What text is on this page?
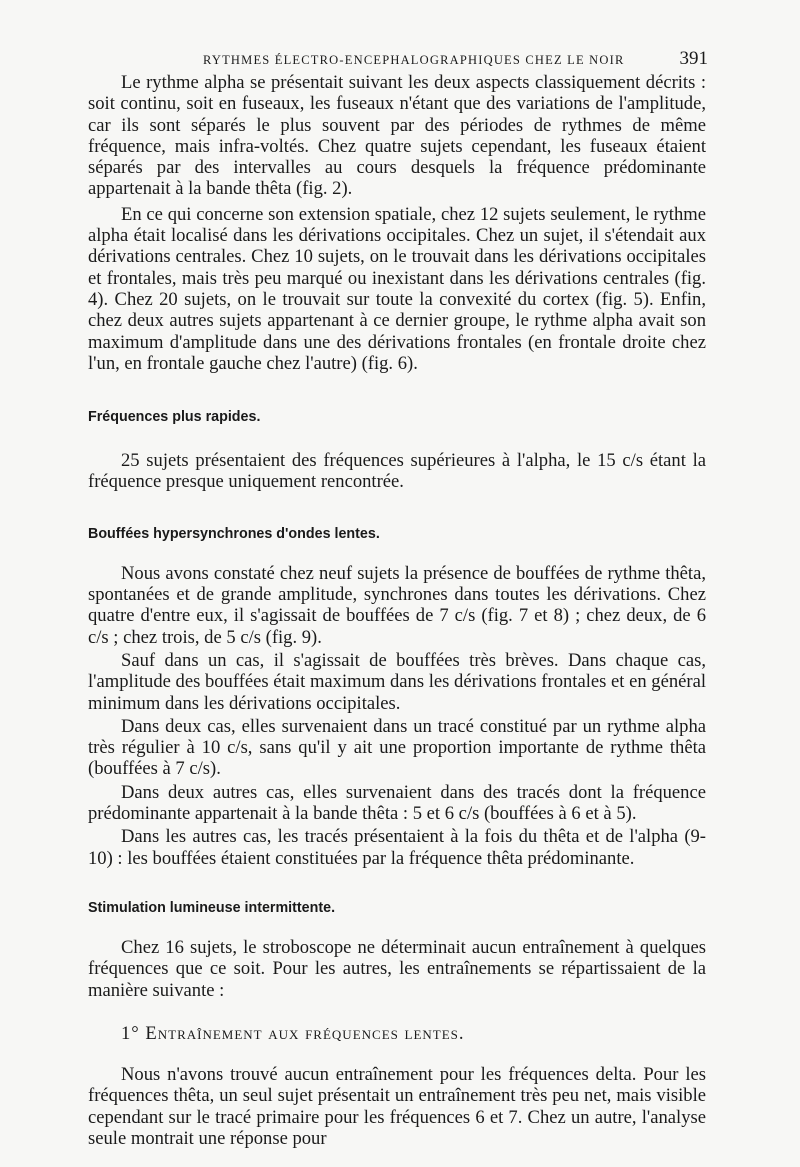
RYTHMES ÉLECTRO-ENCEPHALOGRAPHIQUES CHEZ LE NOIR	391

Le rythme alpha se présentait suivant les deux aspects classiquement décrits : soit continu, soit en fuseaux, les fuseaux n'étant que des variations de l'amplitude, car ils sont séparés le plus souvent par des périodes de rythmes de même fréquence, mais infra-voltés. Chez quatre sujets cependant, les fuseaux étaient séparés par des intervalles au cours desquels la fréquence prédominante appartenait à la bande thêta (fig. 2).

En ce qui concerne son extension spatiale, chez 12 sujets seulement, le rythme alpha était localisé dans les dérivations occipitales. Chez un sujet, il s'étendait aux dérivations centrales. Chez 10 sujets, on le trouvait dans les dérivations occipitales et frontales, mais très peu marqué ou inexistant dans les dérivations centrales (fig. 4). Chez 20 sujets, on le trouvait sur toute la convexité du cortex (fig. 5). Enfin, chez deux autres sujets appartenant à ce dernier groupe, le rythme alpha avait son maximum d'amplitude dans une des dérivations frontales (en frontale droite chez l'un, en frontale gauche chez l'autre) (fig. 6).

Fréquences plus rapides.

25 sujets présentaient des fréquences supérieures à l'alpha, le 15 c/s étant la fréquence presque uniquement rencontrée.

Bouffées hypersynchrones d'ondes lentes.

Nous avons constaté chez neuf sujets la présence de bouffées de rythme thêta, spontanées et de grande amplitude, synchrones dans toutes les dérivations. Chez quatre d'entre eux, il s'agissait de bouffées de 7 c/s (fig. 7 et 8) ; chez deux, de 6 c/s ; chez trois, de 5 c/s (fig. 9).

Sauf dans un cas, il s'agissait de bouffées très brèves. Dans chaque cas, l'amplitude des bouffées était maximum dans les dérivations frontales et en général minimum dans les dérivations occipitales.

Dans deux cas, elles survenaient dans un tracé constitué par un rythme alpha très régulier à 10 c/s, sans qu'il y ait une proportion importante de rythme thêta (bouffées à 7 c/s).

Dans deux autres cas, elles survenaient dans des tracés dont la fréquence prédominante appartenait à la bande thêta : 5 et 6 c/s (bouffées à 6 et à 5).

Dans les autres cas, les tracés présentaient à la fois du thêta et de l'alpha (9-10) : les bouffées étaient constituées par la fréquence thêta prédominante.

Stimulation lumineuse intermittente.

Chez 16 sujets, le stroboscope ne déterminait aucun entraînement à quelques fréquences que ce soit. Pour les autres, les entraînements se répartissaient de la manière suivante :

1° Entraînement aux fréquences lentes.

Nous n'avons trouvé aucun entraînement pour les fréquences delta. Pour les fréquences thêta, un seul sujet présentait un entraînement très peu net, mais visible cependant sur le tracé primaire pour les fréquences 6 et 7. Chez un autre, l'analyse seule montrait une réponse pour
